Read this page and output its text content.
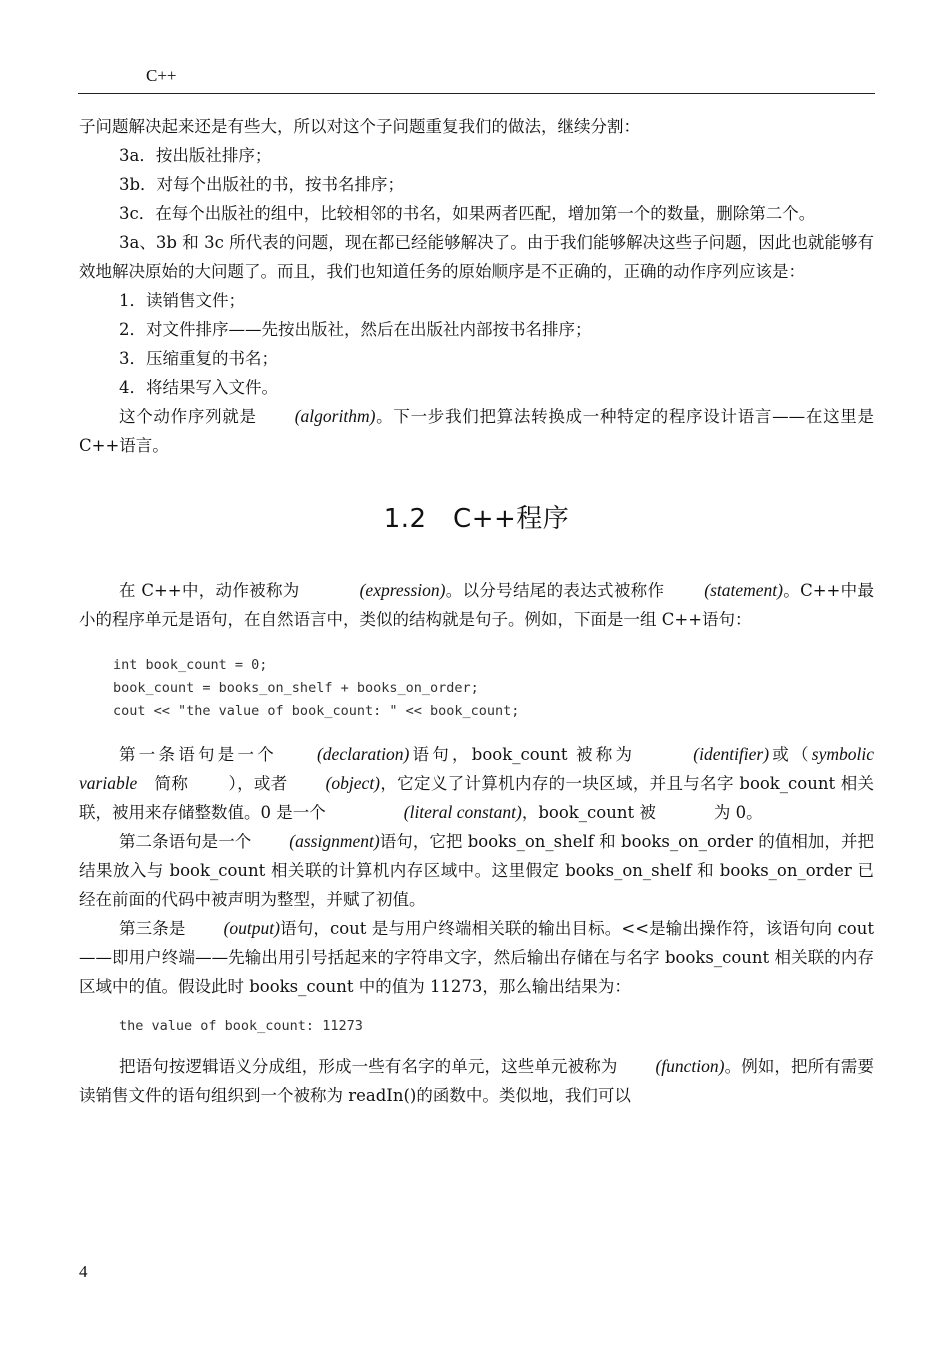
C++

子问题解决起来还是有些大，所以对这个子问题重复我们的做法，继续分割：

3a．按出版社排序；

3b．对每个出版社的书，按书名排序；

3c．在每个出版社的组中，比较相邻的书名，如果两者匹配，增加第一个的数量，删除第二个。

3a、3b 和 3c 所代表的问题，现在都已经能够解决了。由于我们能够解决这些子问题，因此也就能够有效地解决原始的大问题了。而且，我们也知道任务的原始顺序是不正确的，正确的动作序列应该是：

1．读销售文件；

2．对文件排序——先按出版社，然后在出版社内部按书名排序；

3．压缩重复的书名；

4．将结果写入文件。

这个动作序列就是 (algorithm)。下一步我们把算法转换成一种特定的程序设计语言——在这里是 C++语言。

1.2　C++程序

在 C++中，动作被称为	(expression)。以分号结尾的表达式被称作 (statement)。C++中最小的程序单元是语句，在自然语言中，类似的结构就是句子。例如，下面是一组 C++语句：

int book_count = 0;
book_count = books_on_shelf + books_on_order;
cout << "the value of book_count: " << book_count;

第一条语句是一个 (declaration)语句，book_count 被称为	(identifier)或（symbolic variable　 简称 ），或者 (object)，它定义了计算机内存的一块区域，并且与名字 book_count 相关联，被用来存储整数值。0 是一个	(literal constant)，book_count 被	为 0。

第二条语句是一个 (assignment)语句，它把 books_on_shelf 和 books_on_order 的值相加，并把结果放入与 book_count 相关联的计算机内存区域中。这里假定 books_on_shelf 和 books_on_order 已经在前面的代码中被声明为整型，并赋了初值。

第三条是 (output)语句，cout 是与用户终端相关联的输出目标。<<是输出操作符，该语句向 cout——即用户终端——先输出用引号括起来的字符串文字，然后输出存储在与名字 books_count 相关联的内存区域中的值。假设此时 books_count 中的值为 11273，那么输出结果为：

the value of book_count: 11273

把语句按逻辑语义分成组，形成一些有名字的单元，这些单元被称为 (function)。例如，把所有需要读销售文件的语句组织到一个被称为 readIn()的函数中。类似地，我们可以

4
